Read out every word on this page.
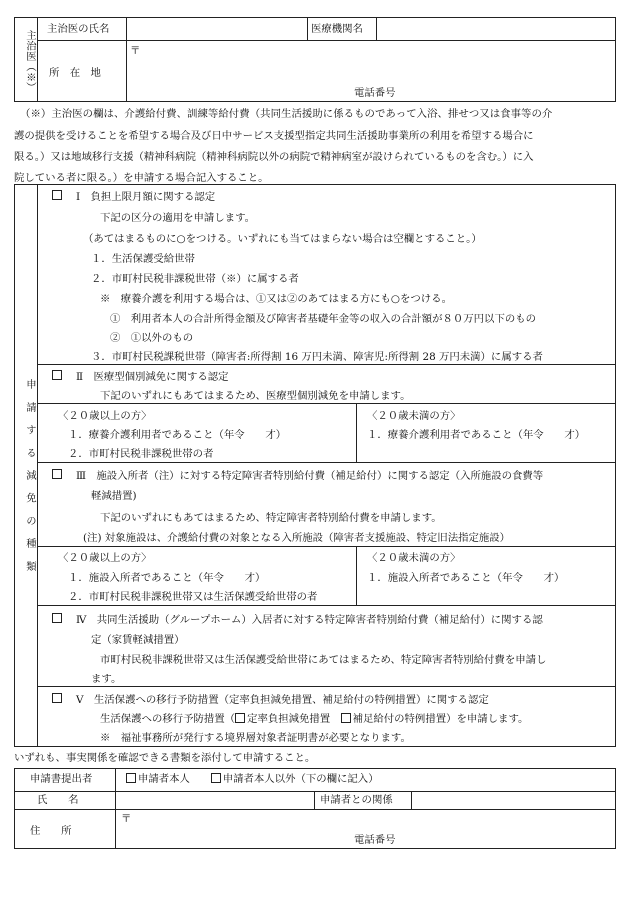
主治医（※）
主治医の氏名	医療機関名
所　在　地
〒
電話番号
（※）主治医の欄は、介護給付費、訓練等給付費（共同生活援助に係るものであって入浴、排せつ又は食事等の介
護の提供を受けることを希望する場合及び日中サービス支援型指定共同生活援助事業所の利用を希望する場合に
限る。）又は地域移行支援（精神科病院（精神科病院以外の病院で精神病室が設けられているものを含む。）に入
院している者に限る。）を申請する場合記入すること。
申請する減免の種類
Ⅰ　負担上限月額に関する認定
下記の区分の適用を申請します。
（あてはまるものに○をつける。いずれにも当てはまらない場合は空欄とすること。）
１．生活保護受給世帯
２．市町村民税非課税世帯（※）に属する者
※　療養介護を利用する場合は、①又は②のあてはまる方にも○をつける。
①　利用者本人の合計所得金額及び障害者基礎年金等の収入の合計額が８０万円以下のもの
②　①以外のもの
３．市町村民税課税世帯（障害者:所得割 16 万円未満、障害児:所得割 28 万円未満）に属する者
Ⅱ　医療型個別減免に関する認定
下記のいずれにもあてはまるため、医療型個別減免を申請します。
〈２０歳以上の方〉
１．療養介護利用者であること（年令　　才）
２．市町村民税非課税世帯の者
〈２０歳未満の方〉
１．療養介護利用者であること（年令　　才）
Ⅲ　施設入所者（注）に対する特定障害者特別給付費（補足給付）に関する認定（入所施設の食費等
軽減措置)
下記のいずれにもあてはまるため、特定障害者特別給付費を申請します。
(注) 対象施設は、介護給付費の対象となる入所施設（障害者支援施設、特定旧法指定施設）
〈２０歳以上の方〉
１．施設入所者であること（年令　　才）
２．市町村民税非課税世帯又は生活保護受給世帯の者
〈２０歳未満の方〉
１．施設入所者であること（年令　　才）
Ⅳ　共同生活援助（グループホーム）入居者に対する特定障害者特別給付費（補足給付）に関する認
定（家賃軽減措置）
市町村民税非課税世帯又は生活保護受給世帯にあてはまるため、特定障害者特別給付費を申請し
ます。
Ⅴ　生活保護への移行予防措置（定率負担減免措置、補足給付の特例措置）に関する認定
生活保護への移行予防措置（ 定率負担減免措置　 補足給付の特例措置）を申請します。
※　福祉事務所が発行する境界層対象者証明書が必要となります。
いずれも、事実関係を確認できる書類を添付して申請すること。
申請書提出者	申請者本人　　	申請者本人以外（下の欄に記入）
氏　　名	申請者との関係
住　　所
〒
電話番号
